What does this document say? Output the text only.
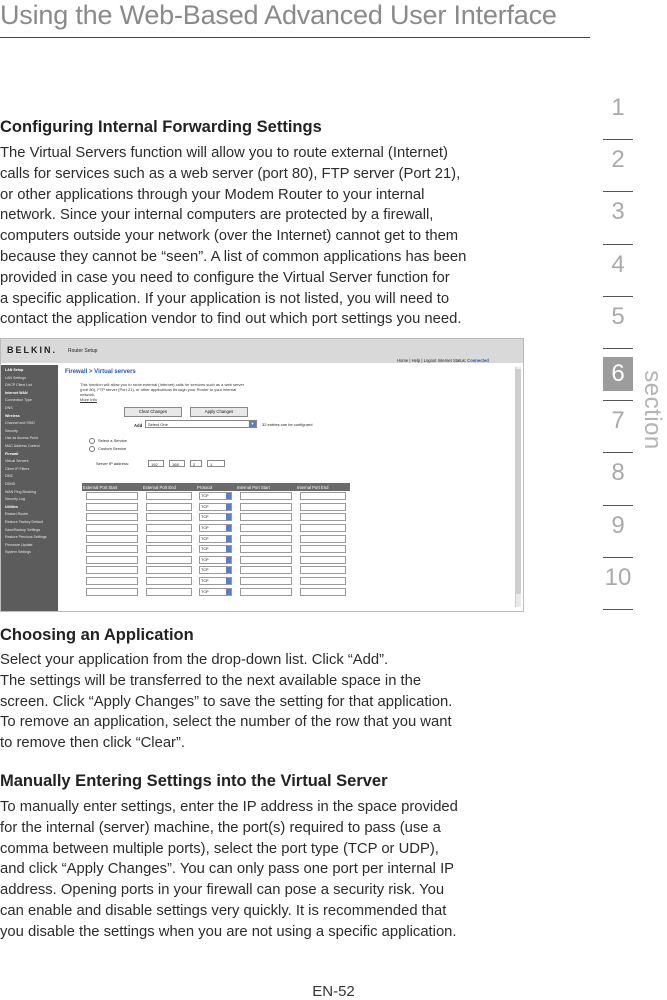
Using the Web-Based Advanced User Interface
Configuring Internal Forwarding Settings

The Virtual Servers function will allow you to route external (Internet)

calls for services such as a web server (port 80), FTP server (Port 21),

or other applications through your Modem Router to your internal

network. Since your internal computers are protected by a firewall,

computers outside your network (over the Internet) cannot get to them

because they cannot be “seen”. A list of common applications has been

provided in case you need to configure the Virtual Server function for

a specific application. If your application is not listed, you will need to

contact the application vendor to find out which port settings you need.

BELKIN. Router Setup
Home | Help | Logout Internet Status: Connected
LAN Setup
LAN Settings
DHCP Client List
Internet WAN
Connection Type
DNS
Wireless
Channel and SSID
Security
Use as Access Point
MAC Address Control
Firewall
Virtual Servers
Client IP Filters
DMZ
DDNS
WAN Ping Blocking
Security Log
Utilities
Restart Router
Restore Factory Default
Save/Backup Settings
Restore Previous Settings
Firmware Update
System Settings
Firewall > Virtual servers
This function will allow you to route external (Internet) calls for services such as a web server
(port 80), FTP server (Port 21), or other applications through your Router to your internal
network.
More Info
Clear Changes	Apply Changes
Add	Select One	▼	32 entries can be configured
Select a Service
Custom Service
Server IP address:	192	168	2	1
External Port Start	External Port End	Protocol	Internal Port Start	Internal Port End

		TCP		

		TCP		

		TCP		

		TCP		

		TCP		

		TCP		

		TCP		

		TCP		

		TCP		

		TCP		

Choosing an Application

Select your application from the drop-down list. Click “Add”.

The settings will be transferred to the next available space in the

screen. Click “Apply Changes” to save the setting for that application.

To remove an application, select the number of the row that you want

to remove then click “Clear”.

Manually Entering Settings into the Virtual Server

To manually enter settings, enter the IP address in the space provided

for the internal (server) machine, the port(s) required to pass (use a

comma between multiple ports), select the port type (TCP or UDP),

and click “Apply Changes”. You can only pass one port per internal IP

address. Opening ports in your firewall can pose a security risk. You

can enable and disable settings very quickly. It is recommended that

you disable the settings when you are not using a specific application.

1
2
3
4
5
6
7
8
9
10
section
EN-52
